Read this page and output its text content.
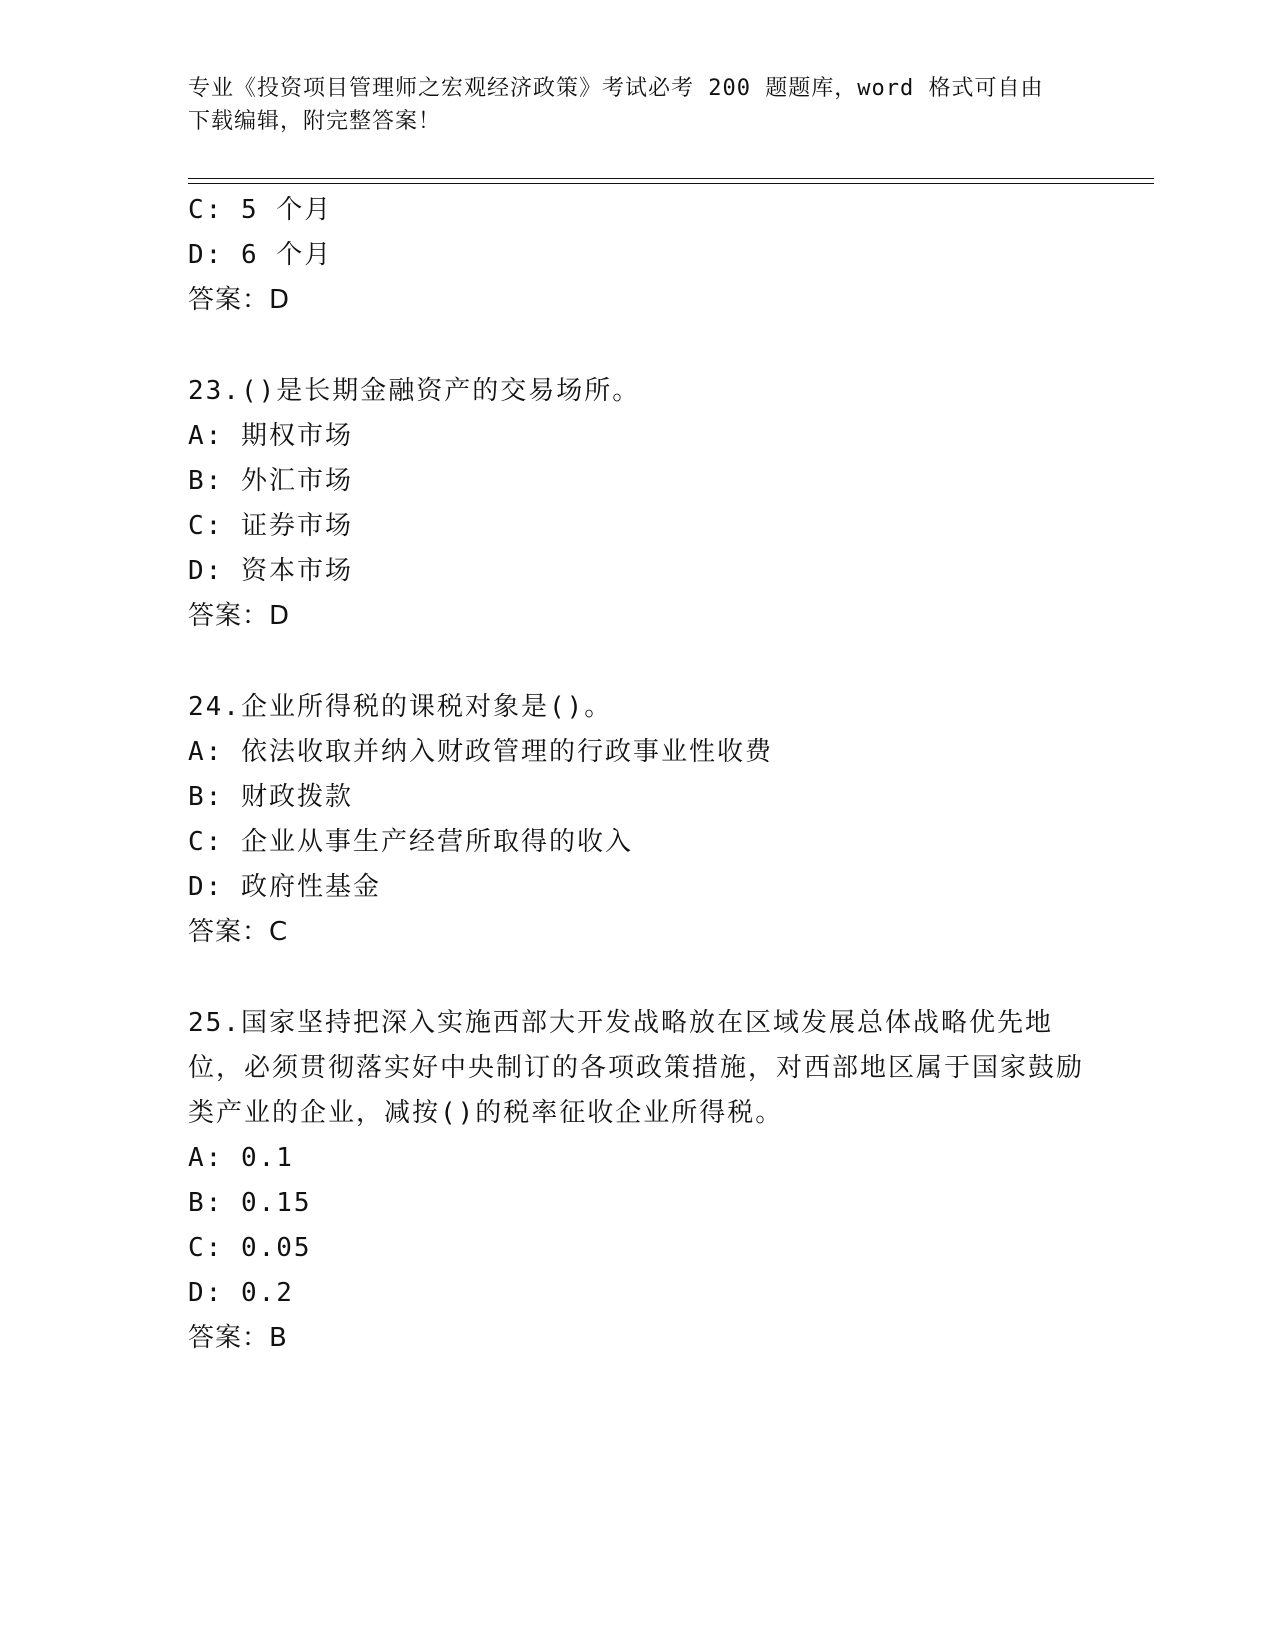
专业《投资项目管理师之宏观经济政策》考试必考 200 题题库，word 格式可自由
下载编辑，附完整答案！
C: 5 个月
D: 6 个月
答案：D
23.()是长期金融资产的交易场所。
A: 期权市场
B: 外汇市场
C: 证券市场
D: 资本市场
答案：D
24.企业所得税的课税对象是()。
A: 依法收取并纳入财政管理的行政事业性收费
B: 财政拨款
C: 企业从事生产经营所取得的收入
D: 政府性基金
答案：C
25.国家坚持把深入实施西部大开发战略放在区域发展总体战略优先地位，必须贯彻落实好中央制订的各项政策措施，对西部地区属于国家鼓励类产业的企业，减按()的税率征收企业所得税。
A: 0.1
B: 0.15
C: 0.05
D: 0.2
答案：B
